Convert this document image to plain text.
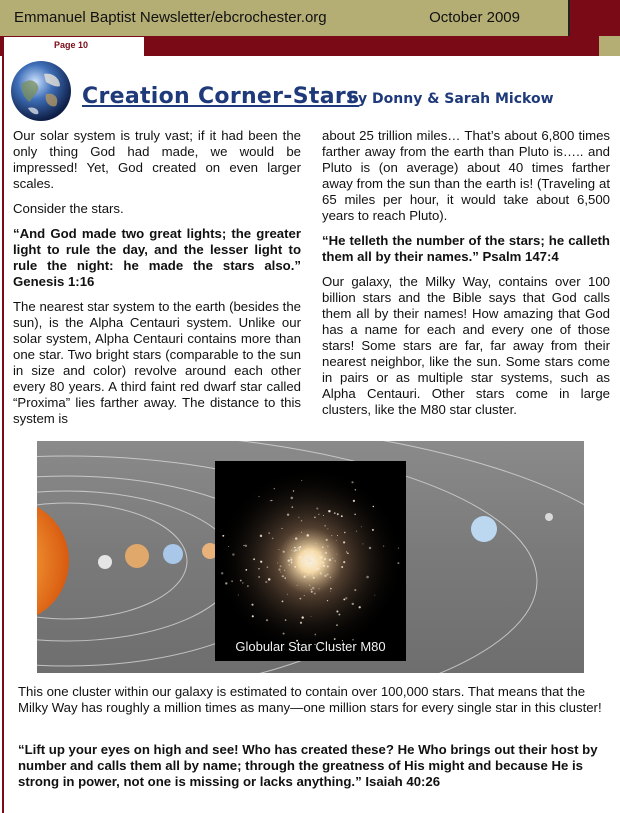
Emmanuel Baptist Newsletter/ebcrochester.org	October 2009
Page 10
Creation Corner-Stars
by Donny & Sarah Mickow

Our solar system is truly vast; if it had been the only thing God had made, we would be impressed! Yet, God created on even larger scales.

Consider the stars.

“And God made two great lights; the greater light to rule the day, and the lesser light to rule the night: he made the stars also.” Genesis 1:16

The nearest star system to the earth (besides the sun), is the Alpha Centauri system. Unlike our solar system, Alpha Centauri contains more than one star. Two bright stars (comparable to the sun in size and color) revolve around each other every 80 years. A third faint red dwarf star called “Proxima” lies farther away. The distance to this system is

about 25 trillion miles… That’s about 6,800 times farther away from the earth than Pluto is….. and Pluto is (on average) about 40 times farther away from the sun than the earth is! (Traveling at 65 miles per hour, it would take about 6,500 years to reach Pluto).

“He telleth the number of the stars; he calleth them all by their names.” Psalm 147:4

Our galaxy, the Milky Way, contains over 100 billion stars and the Bible says that God calls them all by their names! How amazing that God has a name for each and every one of those stars! Some stars are far, far away from their nearest neighbor, like the sun. Some stars come in pairs or as multiple star systems, such as Alpha Centauri. Other stars come in large clusters, like the M80 star cluster.

Globular Star Cluster M80
This one cluster within our galaxy is estimated to contain over 100,000 stars. That means that the Milky Way has roughly a million times as many—one million stars for every single star in this cluster!
“Lift up your eyes on high and see! Who has created these? He Who brings out their host by number and calls them all by name; through the greatness of His might and because He is strong in power, not one is missing or lacks anything.” Isaiah 40:26
